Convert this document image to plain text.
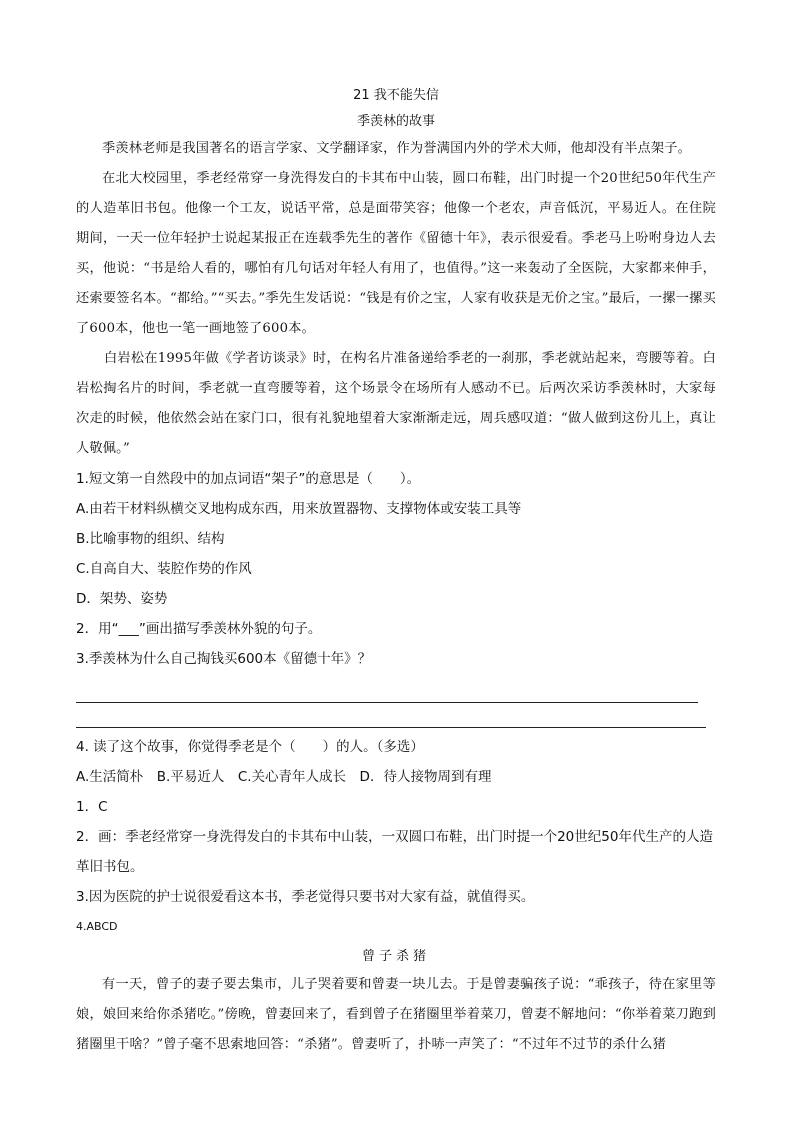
21 我不能失信

季羡林的故事

季羡林老师是我国著名的语言学家、文学翻译家，作为誉满国内外的学术大师，他却没有半点架子。

在北大校园里，季老经常穿一身洗得发白的卡其布中山装，圆口布鞋，出门时提一个20世纪50年代生产的人造革旧书包。他像一个工友，说话平常，总是面带笑容；他像一个老农，声音低沉，平易近人。在住院期间，一天一位年轻护士说起某报正在连载季先生的著作《留德十年》，表示很爱看。季老马上吩咐身边人去买，他说：“书是给人看的，哪怕有几句话对年轻人有用了，也值得。”这一来轰动了全医院，大家都来伸手，还索要签名本。“都给。”“买去。”季先生发话说：“钱是有价之宝，人家有收获是无价之宝。”最后，一摞一摞买了600本，他也一笔一画地签了600本。

白岩松在1995年做《学者访谈录》时，在构名片准备递给季老的一刹那，季老就站起来，弯腰等着。白岩松掏名片的时间，季老就一直弯腰等着，这个场景令在场所有人感动不已。后两次采访季羡林时，大家每次走的时候，他依然会站在家门口，很有礼貌地望着大家渐渐走远，周兵感叹道：“做人做到这份儿上，真让人敬佩。”

1.短文第一自然段中的加点词语“架子”的意思是（　　）。

A.由若干材料纵横交叉地构成东西，用来放置器物、支撑物体或安装工具等

B.比喻事物的组织、结构

C.自高自大、装腔作势的作风

D．架势、姿势

2．用“___”画出描写季羡林外貌的句子。

3.季羡林为什么自己掏钱买600本《留德十年》？

4. 读了这个故事，你觉得季老是个（　　）的人。（多选）

A.生活简朴　B.平易近人　C.关心青年人成长　D．待人接物周到有理

1．C

2．画：季老经常穿一身洗得发白的卡其布中山装，一双圆口布鞋，出门时提一个20世纪50年代生产的人造革旧书包。

3.因为医院的护士说很爱看这本书，季老觉得只要书对大家有益，就值得买。

4.ABCD

曾子杀猪

有一天，曾子的妻子要去集市，儿子哭着要和曾妻一块儿去。于是曾妻骗孩子说：“乖孩子，待在家里等娘，娘回来给你杀猪吃。”傍晚，曾妻回来了，看到曾子在猪圈里举着菜刀，曾妻不解地问：“你举着菜刀跑到猪圈里干啥？”曾子毫不思索地回答：“杀猪”。曾妻听了，扑哧一声笑了：“不过年不过节的杀什么猪
